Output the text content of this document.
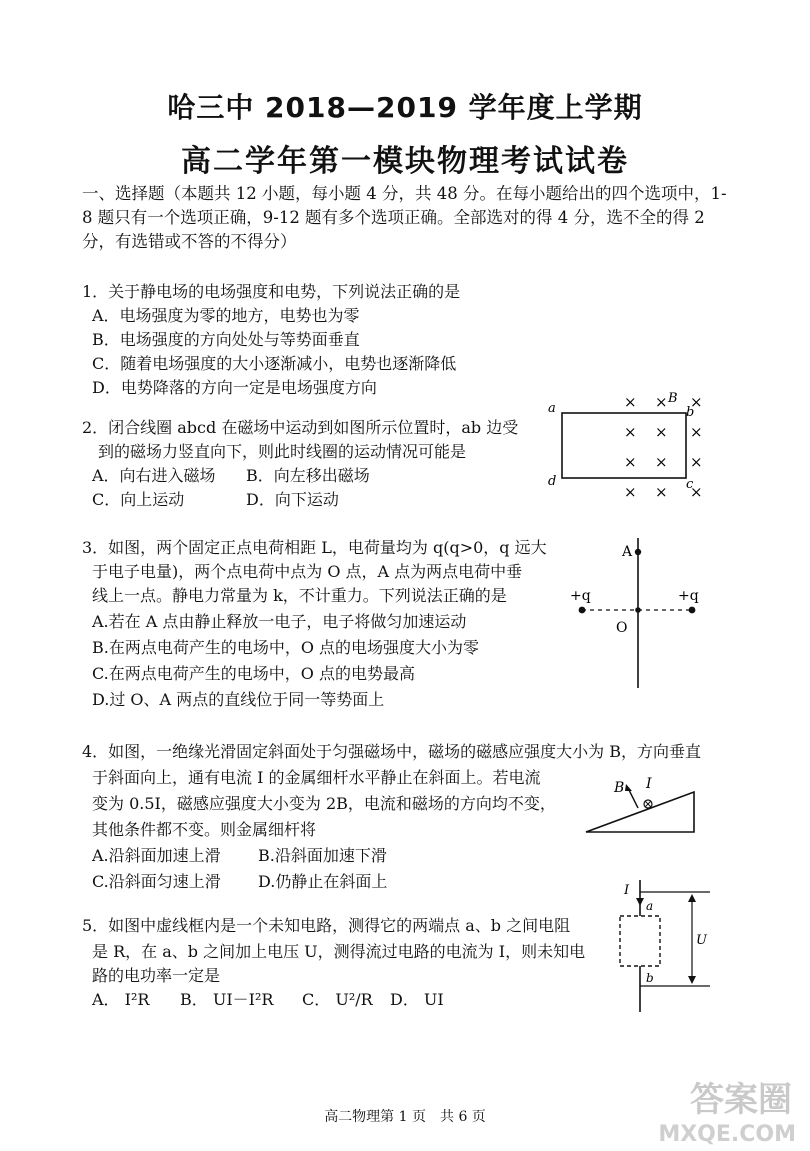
哈三中 2018—2019 学年度上学期
高二学年第一模块物理考试试卷
一、选择题（本题共 12 小题，每小题 4 分，共 48 分。在每小题给出的四个选项中，1-8 题只有一个选项正确，9-12 题有多个选项正确。全部选对的得 4 分，选不全的得 2 分，有选错或不答的不得分）
1．关于静电场的电场强度和电势，下列说法正确的是
A．电场强度为零的地方，电势也为零
B．电场强度的方向处处与等势面垂直
C．随着电场强度的大小逐渐减小，电势也逐渐降低
D．电势降落的方向一定是电场强度方向
2．闭合线圈 abcd 在磁场中运动到如图所示位置时，ab 边受
到的磁场力竖直向下，则此时线圈的运动情况可能是
A．向右进入磁场 B．向左移出磁场
C．向上运动	D．向下运动
a	b
c
d
B
× × ×
× × ×
× × ×
× × ×
3．如图，两个固定正点电荷相距 L，电荷量均为 q(q>0，q 远大
于电子电量)，两个点电荷中点为 O 点，A 点为两点电荷中垂
线上一点。静电力常量为 k，不计重力。下列说法正确的是
A.若在 A 点由静止释放一电子，电子将做匀加速运动
B.在两点电荷产生的电场中，O 点的电场强度大小为零
C.在两点电荷产生的电场中，O 点的电势最高
D.过 O、A 两点的直线位于同一等势面上
A
+q	+q
O
4．如图，一绝缘光滑固定斜面处于匀强磁场中，磁场的磁感应强度大小为 B，方向垂直
于斜面向上，通有电流 I 的金属细杆水平静止在斜面上。若电流
变为 0.5I，磁感应强度大小变为 2B，电流和磁场的方向均不变，
其他条件都不变。则金属细杆将
A.沿斜面加速上滑 B.沿斜面加速下滑
C.沿斜面匀速上滑 D.仍静止在斜面上
B I
5．如图中虚线框内是一个未知电路，测得它的两端点 a、b 之间电阻
是 R，在 a、b 之间加上电压 U，测得流过电路的电流为 I，则未知电
路的电功率一定是
A． I²R B． UI－I²R C． U²/R D． UI
I
a
U
b
高二物理第 1 页　共 6 页	答案圈
MXQE.COM
